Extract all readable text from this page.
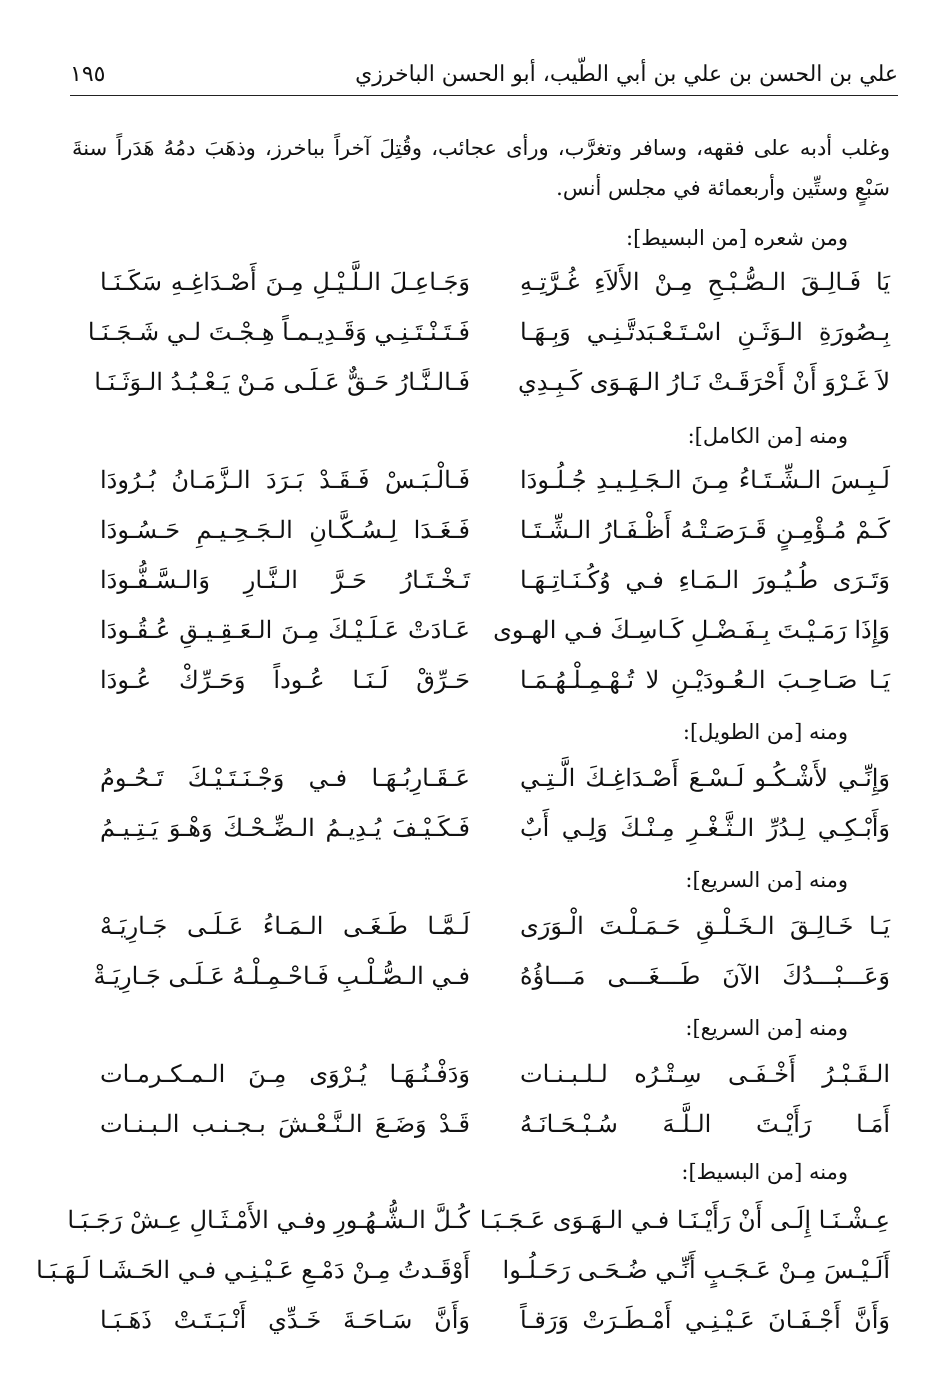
علي بن الحسن بن علي بن أبي الطّيب، أبو الحسن الباخرزي
١٩٥
وغلب أدبه على فقهه، وسافر وتغرَّب، ورأى عجائب، وقُتِلَ آخراً بباخرز، وذهَبَ دمُهُ هَدَراً سنةَ سَبْعٍ وستِّين وأربعمائة في مجلس أنس.
ومن شعره [من البسيط]:
يَا فَـالِـقَ الـصُّـبْـحِ مِـنْ الأَلاَءِ غُـرَّتِـهِ
وَجَـاعِـلَ الـلَّـيْـلِ مِـنَ أَصْـدَاغِـهِ سَكَـنَـا
بِـصُورَةِ الـوَثَـنِ اسْـتَـعْـبَدتَّـنِـي وَبِـهَـا
فَـتَـنْـتَـنِـي وَقَـدِيـمـاً هِـجْـتَ لـي شَـجَـنَـا
لاَ غَـرْوَ أَنْ أَحْرَقَـتْ نَـارُ الـهَـوَى كَـبِـدِي
فَـالـنَّـارُ حَـقٌّ عَـلَـى مَـنْ يَـعْـبُـدُ الـوَثَـنَـا
ومنه [من الكامل]:
لَـبِـسَ الـشِّـتَـاءُ مِـنَ الـجَـلِـيـدِ جُـلُـودَا
فَـالْـبَـسْ فَـقَـدْ بَـرَدَ الـزَّمَـانُ بُـرُودَا
كَـمْ مُـؤْمِـنٍ قَـرَصَـتْـهُ أَظْـفَـارُ الـشِّـتَـا
فَـغَـدَا لِـسُـكَّـانِ الـجَـحِـيـمِ حَـسُـودَا
وَتَـرَى طُـيُـورَ الـمَـاءِ فـي وُكُـنَـاتِـهَـا
تَـخْـتَـارُ حَـرَّ الـنَّـارِ وَالـسَّـفُّـودَا
وَإِذَا رَمَـيْـتَ بِـفَـضْـلِ كَـاسِـكَ فـي الهـوى
عَـادَتْ عَـلَـيْـكَ مِـنَ الـعَـقِـيـقِ عُـقُـودَا
يَـا صَـاحِـبَ الـعُـودَيْـنِ لا تُـهْـمِـلْـهُـمَـا
حَـرِّقْ لَـنَـا عُـوداً وَحَـرِّكْ عُـودَا
ومنه [من الطويل]:
وَإِنِّـي لأَشْـكُـو لَـسْـعَ أَصْـدَاغِـكَ الَّـتِـي
عَـقَـارِبُـهَـا فـي وَجْـنَـتَـيْـكَ تَـحُـومُ
وَأَبْـكِـي لِـدُرِّ الـثَّـغْـرِ مِـنْـكَ وَلِـي أَبٌ
فَـكَـيْـفَ يُـدِيـمُ الـضِّـحْـكَ وَهْـوَ يَـتِـيـمُ
ومنه [من السريع]:
يَـا خَـالِـقَ الـخَـلْـقِ حَـمَـلْـتَ الْـوَرَى
لَـمَّـا طَـغَـى الـمَـاءُ عَـلَـى جَـارِيَـهْ
وَعَـــبْـــدُكَ الآنَ طَـــغَـــى مَـــاؤُهُ
فـي الـصُّـلْـبِ فَـاحْـمِـلْـهُ عَـلَـى جَـارِيَـةْ
ومنه [من السريع]:
الـقَـبْـرُ أَخْـفَـى سِـتْـرُه لـلـبـنـات
وَدَفْـنُـهَـا يُـرْوَى مِـنَ الـمـكـرمـات
أَمَـا رَأَيْـتَ الـلَّـهَ سُـبْـحَـانَـهُ
قَـدْ وَضَـعَ الـنَّـعْـشَ بـجـنـب الـبـنـات
ومنه [من البسيط]:
عِـشْـنَـا إِلَـى أَنْ رَأَيْـنَـا فـي الـهَـوَى عَـجَـبَـا
كُـلَّ الـشُّـهُـورِ وفـي الأَمْـثَـالِ عِـشْ رَجَـبَـا
أَلَـيْـسَ مِـنْ عَـجَـبٍ أَنِّـي ضُـحَـى رَحَـلُـوا
أَوْقَـدتُ مِـنْ دَمْـعِ عَـيْـنِـي فـي الحَـشَـا لَـهَـبَـا
وَأَنَّ أَجْـفَـانَ عَـيْـنِـي أَمْـطَـرَتْ وَرَقـاً
وَأَنَّ سَـاحَـةَ خَـدِّي أَنْـبَـتَـتْ ذَهَـبَـا
